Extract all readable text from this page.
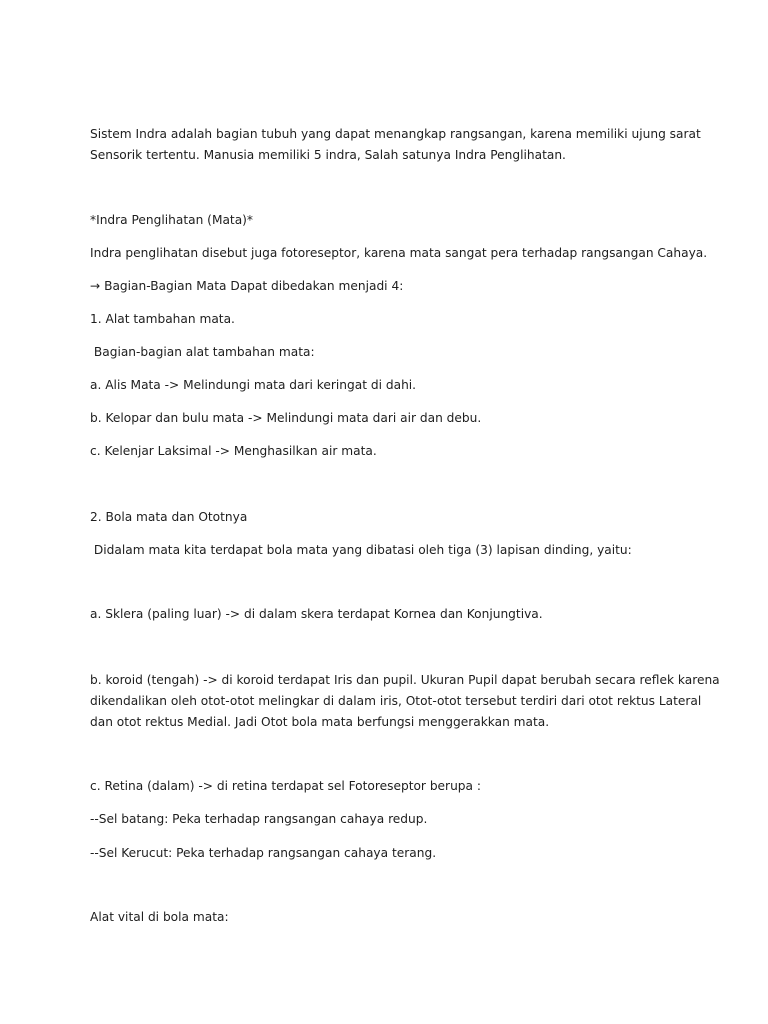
Sistem Indra adalah bagian tubuh yang dapat menangkap rangsangan, karena memiliki ujung sarat

Sensorik tertentu. Manusia memiliki 5 indra, Salah satunya Indra Penglihatan.

*Indra Penglihatan (Mata)*

Indra penglihatan disebut juga fotoreseptor, karena mata sangat pera terhadap rangsangan Cahaya.

→ Bagian-Bagian Mata Dapat dibedakan menjadi 4:

1. Alat tambahan mata.

Bagian-bagian alat tambahan mata:

a. Alis Mata -> Melindungi mata dari keringat di dahi.

b. Kelopar dan bulu mata -> Melindungi mata dari air dan debu.

c. Kelenjar Laksimal -> Menghasilkan air mata.

2. Bola mata dan Ototnya

Didalam mata kita terdapat bola mata yang dibatasi oleh tiga (3) lapisan dinding, yaitu:

a. Sklera (paling luar) -> di dalam skera terdapat Kornea dan Konjungtiva.

b. koroid (tengah) -> di koroid terdapat Iris dan pupil. Ukuran Pupil dapat berubah secara reflek karena

dikendalikan oleh otot-otot melingkar di dalam iris, Otot-otot tersebut terdiri dari otot rektus Lateral

dan otot rektus Medial. Jadi Otot bola mata berfungsi menggerakkan mata.

c. Retina (dalam) -> di retina terdapat sel Fotoreseptor berupa :

--Sel batang: Peka terhadap rangsangan cahaya redup.

--Sel Kerucut: Peka terhadap rangsangan cahaya terang.

Alat vital di bola mata:
